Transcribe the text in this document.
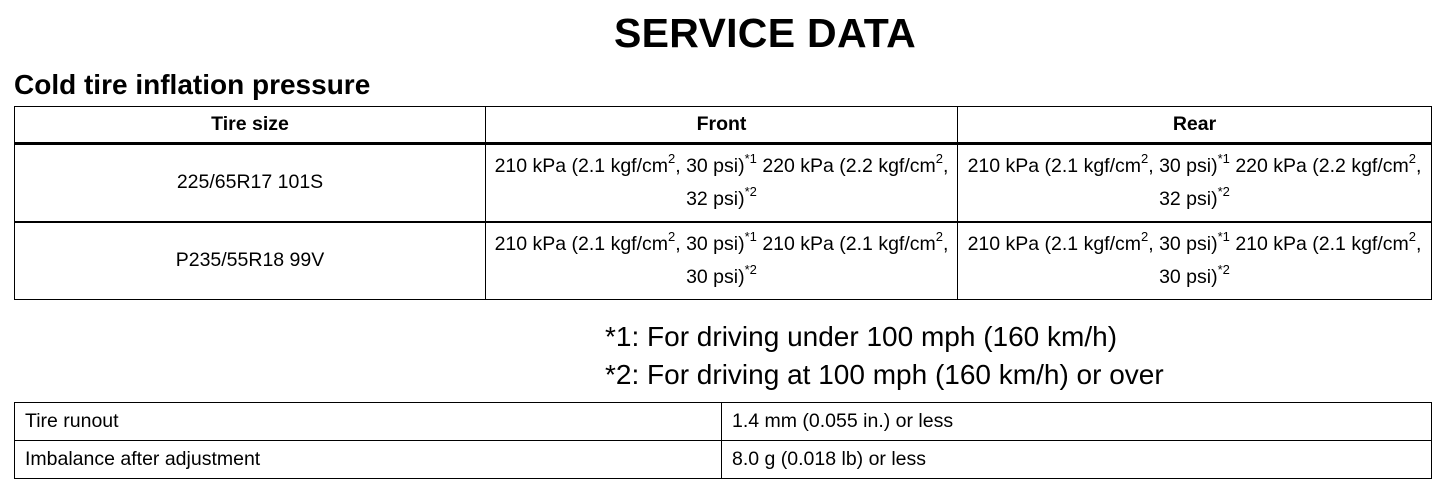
SERVICE DATA
Cold tire inflation pressure
Tire size	Front	Rear
225/65R17 101S	210 kPa (2.1 kgf/$cm^2$, 30 psi)$^{*1}$ 220 kPa (2.2 kgf/$cm^2$, 32 psi)$^{*2}$	210 kPa (2.1 kgf/$cm^2$, 30 psi)$^{*1}$ 220 kPa (2.2 kgf/$cm^2$, 32 psi)$^{*2}$
P235/55R18 99V	210 kPa (2.1 kgf/$cm^2$, 30 psi)$^{*1}$ 210 kPa (2.1 kgf/$cm^2$, 30 psi)$^{*2}$	210 kPa (2.1 kgf/$cm^2$, 30 psi)$^{*1}$ 210 kPa (2.1 kgf/$cm^2$, 30 psi)$^{*2}$
*1: For driving under 100 mph (160 km/h)
*2: For driving at 100 mph (160 km/h) or over
Tire runout	1.4 mm (0.055 in.) or less
Imbalance after adjustment	8.0 g (0.018 lb) or less
